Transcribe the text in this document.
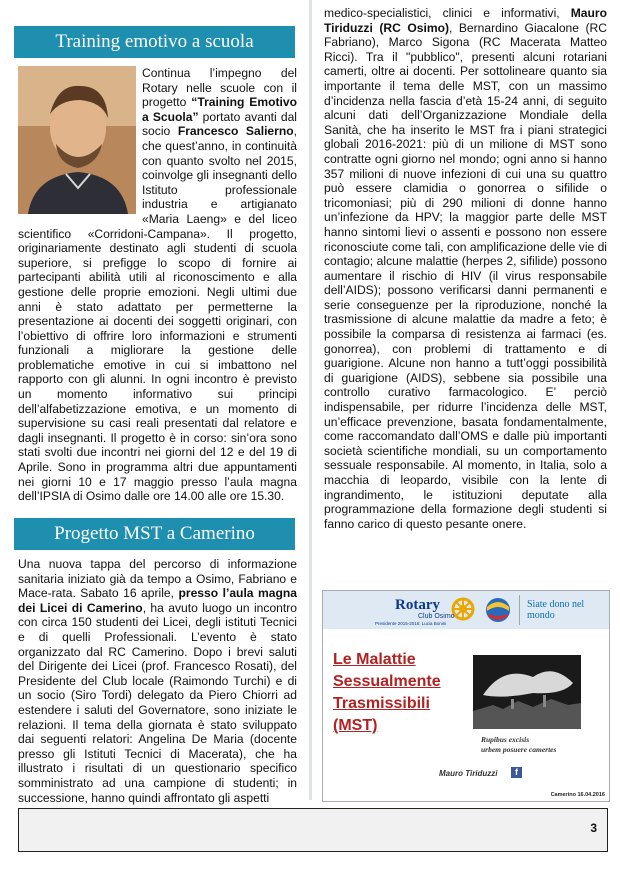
Training emotivo a scuola
Continua l’impegno del Rotary nelle scuole con il progetto “Training Emotivo a Scuola” portato avanti dal socio Francesco Salierno, che quest’anno, in continuità con quanto svolto nel 2015, coinvolge gli insegnanti dello Istituto professionale industria e artigianato «Maria Laeng» e del liceo scientifico «Corridoni-Campana». Il progetto, originariamente destinato agli studenti di scuola superiore, si prefigge lo scopo di fornire ai partecipanti abilità utili al riconoscimento e alla gestione delle proprie emozioni. Negli ultimi due anni è stato adattato per permetterne la presentazione ai docenti dei soggetti originari, con l’obiettivo di offrire loro informazioni e strumenti funzionali a migliorare la gestione delle problematiche emotive in cui si imbattono nel rapporto con gli alunni. In ogni incontro è previsto un momento informativo sui principi dell’alfabetizzazione emotiva, e un momento di supervisione su casi reali presentati dal relatore e dagli insegnanti. Il progetto è in corso: sin’ora sono stati svolti due incontri nei giorni del 12 e del 19 di Aprile. Sono in programma altri due appuntamenti nei giorni 10 e 17 maggio presso l’aula magna dell’IPSIA di Osimo dalle ore 14.00 alle ore 15.30.
Progetto MST a Camerino
Una nuova tappa del percorso di informazione sanitaria iniziato già da tempo a Osimo, Fabriano e Mace-rata. Sabato 16 aprile, presso l’aula magna dei Licei di Camerino, ha avuto luogo un incontro con circa 150 studenti dei Licei, degli istituti Tecnici e di quelli Professionali. L’evento è stato organizzato dal RC Camerino. Dopo i brevi saluti del Dirigente dei Licei (prof. Francesco Rosati), del Presidente del Club locale (Raimondo Turchi) e di un socio (Siro Tordi) delegato da Piero Chiorri ad estendere i saluti del Governatore, sono iniziate le relazioni. Il tema della giornata è stato sviluppato dai seguenti relatori: Angelina De Maria (docente presso gli Istituti Tecnici di Macerata), che ha illustrato i risultati di un questionario specifico somministrato ad una campione di studenti; in successione, hanno quindi affrontato gli aspetti
medico-specialistici, clinici e informativi, Mauro Tiriduzzi (RC Osimo), Bernardino Giacalone (RC Fabriano), Marco Sigona (RC Macerata Matteo Ricci). Tra il "pubblico", presenti alcuni rotariani camerti, oltre ai docenti. Per sottolineare quanto sia importante il tema delle MST, con un massimo d’incidenza nella fascia d’età 15-24 anni, di seguito alcuni dati dell’Organizzazione Mondiale della Sanità, che ha inserito le MST fra i piani strategici globali 2016-2021: più di un milione di MST sono contratte ogni giorno nel mondo; ogni anno si hanno 357 milioni di nuove infezioni di cui una su quattro può essere clamidia o gonorrea o sifilide o tricomoniasi; più di 290 milioni di donne hanno un’infezione da HPV; la maggior parte delle MST hanno sintomi lievi o assenti e possono non essere riconosciute come tali, con amplificazione delle vie di contagio; alcune malattie (herpes 2, sifilide) possono aumentare il rischio di HIV (il virus responsabile dell’AIDS); possono verificarsi danni permanenti e serie conseguenze per la riproduzione, nonché la trasmissione di alcune malattie da madre a feto; è possibile la comparsa di resistenza ai farmaci (es. gonorrea), con problemi di trattamento e di guarigione. Alcune non hanno a tutt’oggi possibilità di guarigione (AIDS), sebbene sia possibile una controllo curativo farmacologico. E’ perciò indispensabile, per ridurre l’incidenza delle MST, un’efficace prevenzione, basata fondamentalmente, come raccomandato dall’OMS e dalle più importanti società scientifiche mondiali, su un comportamento sessuale responsabile. Al momento, in Italia, solo a macchia di leopardo, visibile con la lente di ingrandimento, le istituzioni deputate alla programmazione della formazione degli studenti si fanno carico di questo pesante onere.
Rotary
Club Osimo
Presidente 2015-2016: Lucia Bonini
Siate dono nel mondo
Le Malattie
Sessualmente
Trasmissibili
(MST)
Rupibus excisis
urbem posuere camertes
Mauro Tiriduzzi	f
Camerino 16.04.2016
3
